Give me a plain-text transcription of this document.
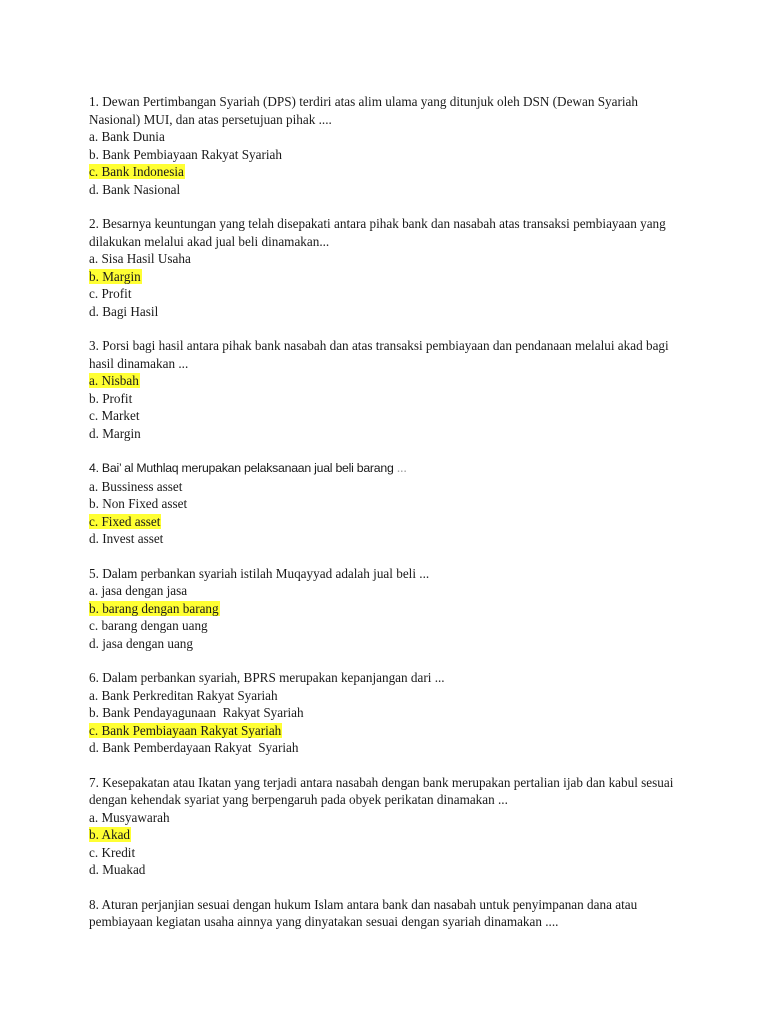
1. Dewan Pertimbangan Syariah (DPS) terdiri atas alim ulama yang ditunjuk oleh DSN (Dewan Syariah Nasional) MUI, dan atas persetujuan pihak ....
a. Bank Dunia
b. Bank Pembiayaan Rakyat Syariah
c. Bank Indonesia
d. Bank Nasional
2. Besarnya keuntungan yang telah disepakati antara pihak bank dan nasabah atas transaksi pembiayaan yang dilakukan melalui akad jual beli dinamakan...
a. Sisa Hasil Usaha
b. Margin
c. Profit
d. Bagi Hasil
3. Porsi bagi hasil antara pihak bank nasabah dan atas transaksi pembiayaan dan pendanaan melalui akad bagi hasil dinamakan ...
a. Nisbah
b. Profit
c. Market
d. Margin
4. Bai’ al Muthlaq merupakan pelaksanaan jual beli barang ...
a. Bussiness asset
b. Non Fixed asset
c. Fixed asset
d. Invest asset
5. Dalam perbankan syariah istilah Muqayyad adalah jual beli ...
a. jasa dengan jasa
b. barang dengan barang
c. barang dengan uang
d. jasa dengan uang
6. Dalam perbankan syariah, BPRS merupakan kepanjangan dari ...
a. Bank Perkreditan Rakyat Syariah
b. Bank Pendayagunaan  Rakyat Syariah
c. Bank Pembiayaan Rakyat Syariah
d. Bank Pemberdayaan Rakyat  Syariah
7. Kesepakatan atau Ikatan yang terjadi antara nasabah dengan bank merupakan pertalian ijab dan kabul sesuai dengan kehendak syariat yang berpengaruh pada obyek perikatan dinamakan ...
a. Musyawarah
b. Akad
c. Kredit
d. Muakad
8. Aturan perjanjian sesuai dengan hukum Islam antara bank dan nasabah untuk penyimpanan dana atau pembiayaan kegiatan usaha ainnya yang dinyatakan sesuai dengan syariah dinamakan ....
